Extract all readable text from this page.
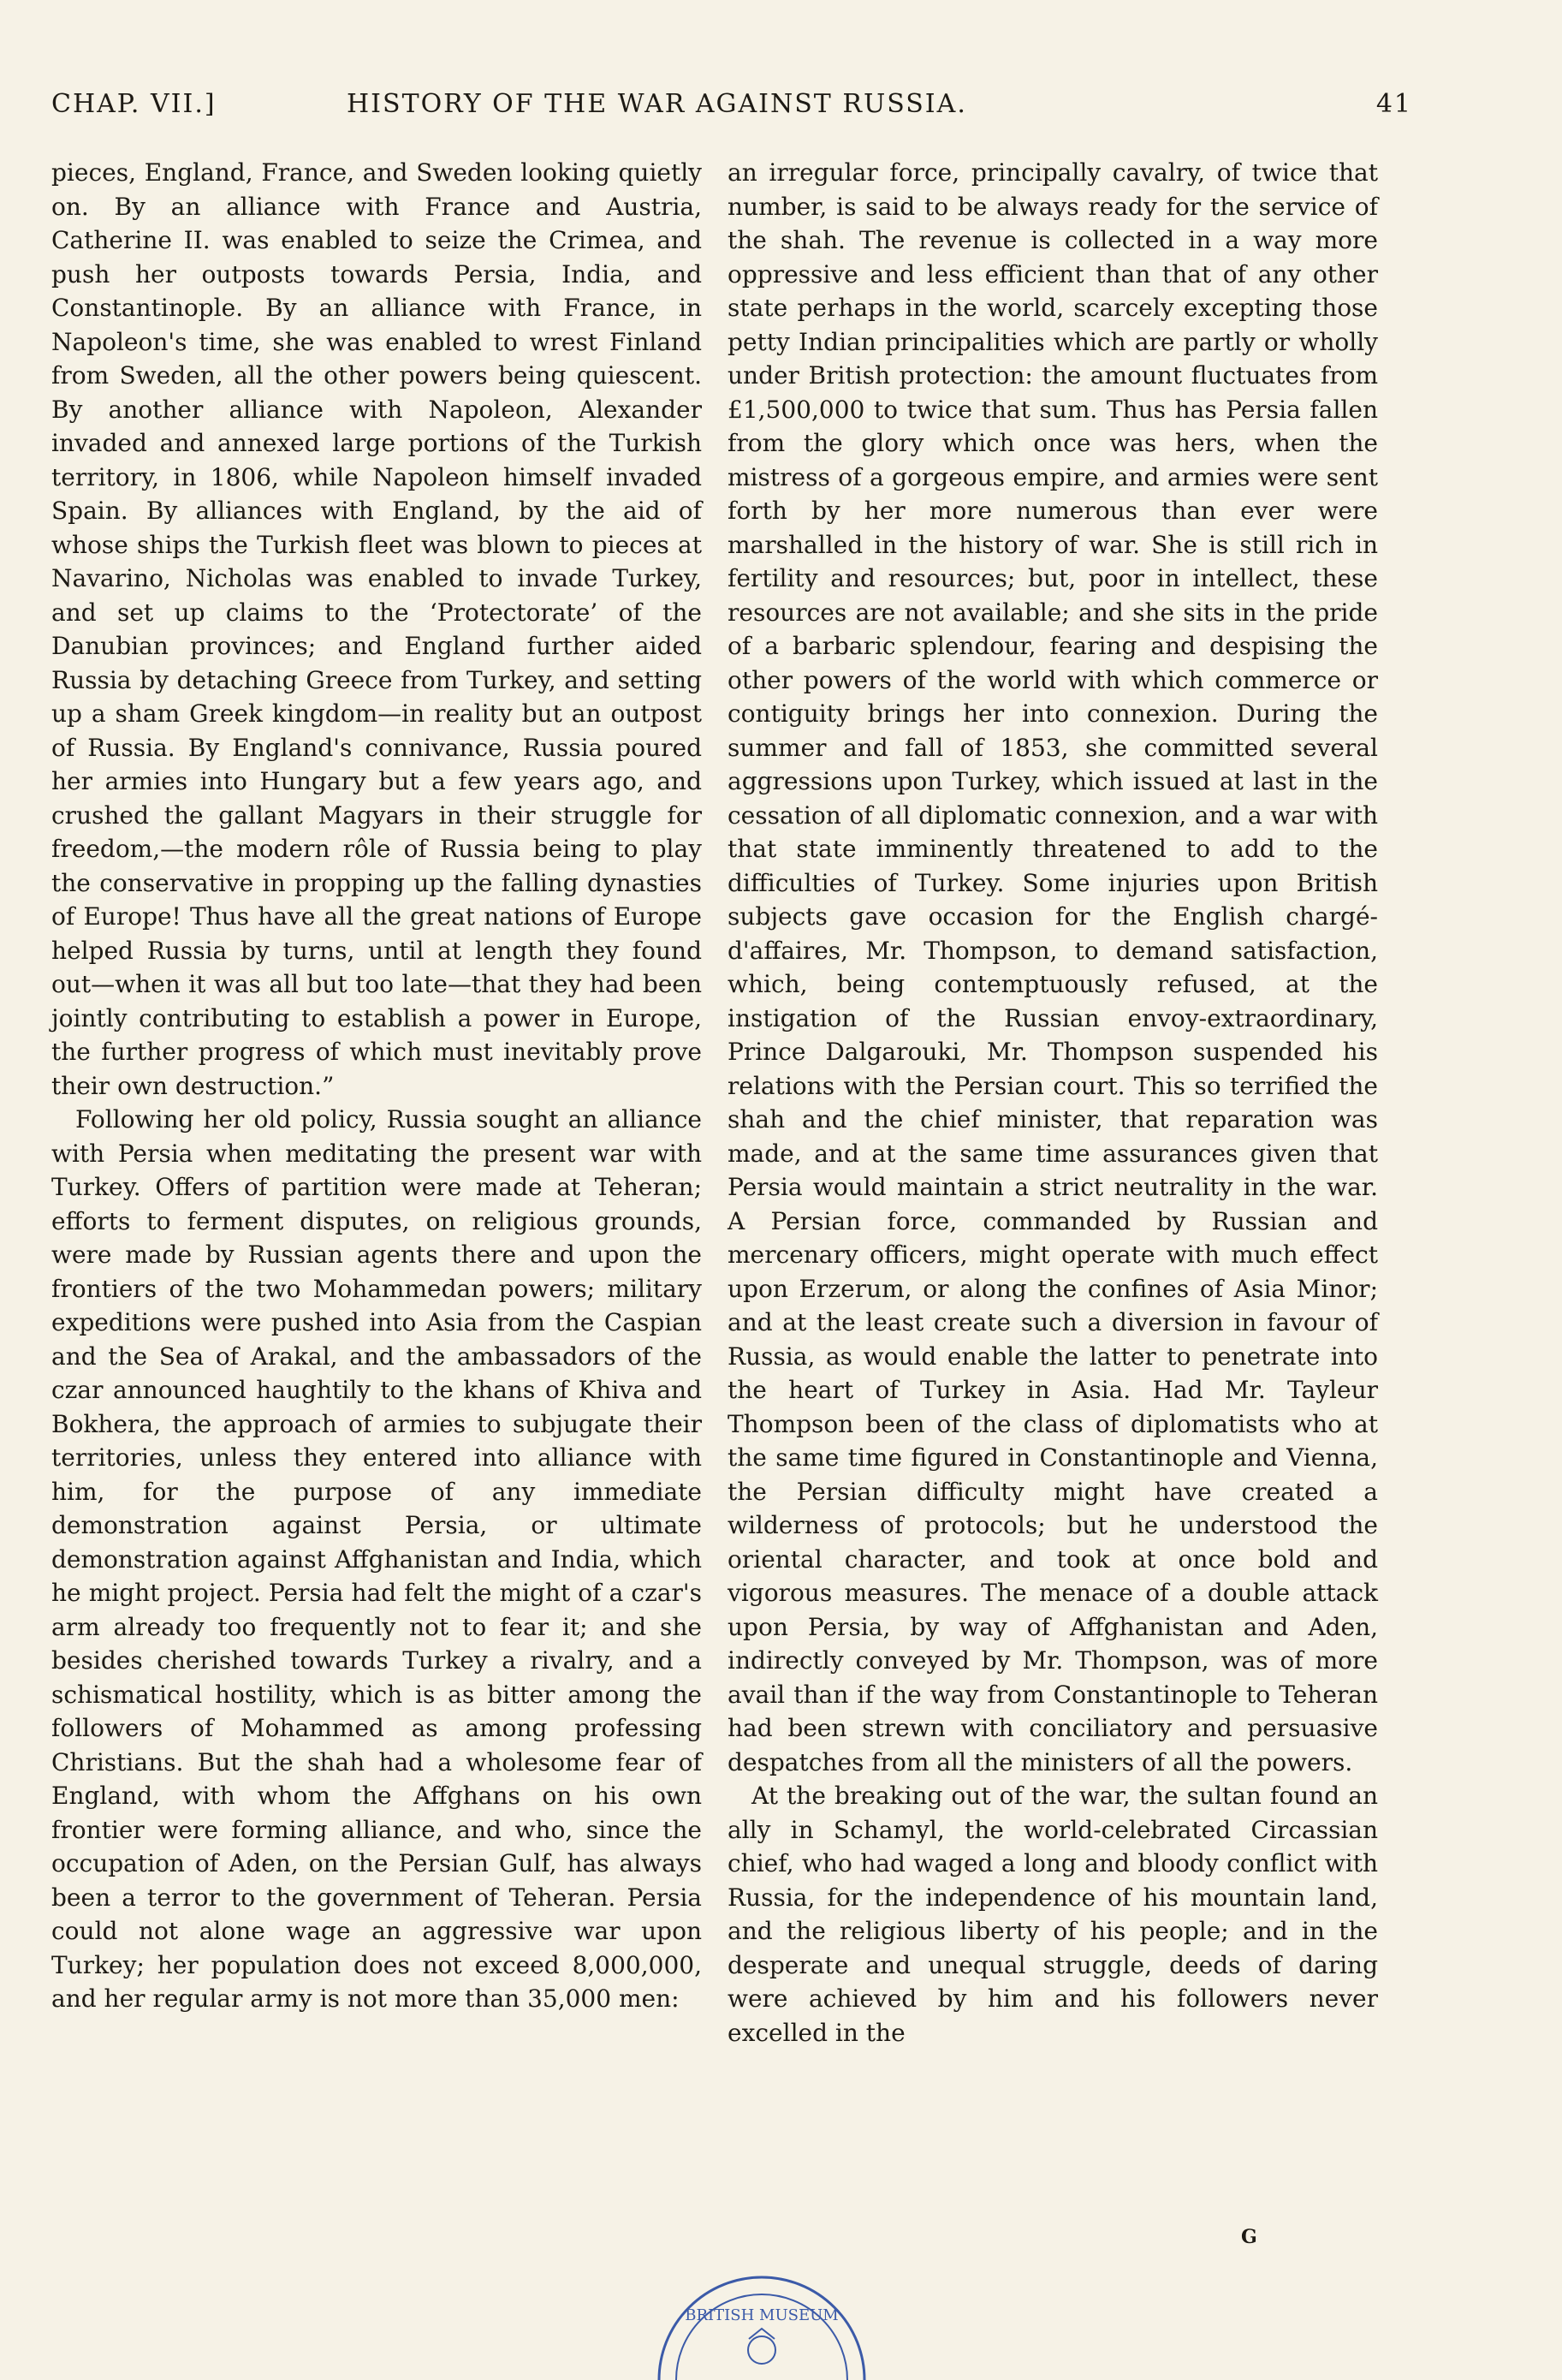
CHAP. VII.]	HISTORY OF THE WAR AGAINST RUSSIA.	41

pieces, England, France, and Sweden looking quietly on. By an alliance with France and Austria, Catherine II. was enabled to seize the Crimea, and push her outposts towards Persia, India, and Constantinople. By an alliance with France, in Napoleon's time, she was enabled to wrest Finland from Sweden, all the other powers being quiescent. By another alliance with Napoleon, Alexander invaded and annexed large portions of the Turkish territory, in 1806, while Napoleon himself invaded Spain. By alliances with England, by the aid of whose ships the Turkish fleet was blown to pieces at Navarino, Nicholas was enabled to invade Turkey, and set up claims to the ‘Protectorate’ of the Danubian provinces; and England further aided Russia by detaching Greece from Turkey, and setting up a sham Greek kingdom—in reality but an outpost of Russia. By England's connivance, Russia poured her armies into Hungary but a few years ago, and crushed the gallant Magyars in their struggle for freedom,—the modern rôle of Russia being to play the conservative in propping up the falling dynasties of Europe! Thus have all the great nations of Europe helped Russia by turns, until at length they found out—when it was all but too late—that they had been jointly contributing to establish a power in Europe, the further progress of which must inevitably prove their own destruction.”

Following her old policy, Russia sought an alliance with Persia when meditating the present war with Turkey. Offers of partition were made at Teheran; efforts to ferment disputes, on religious grounds, were made by Russian agents there and upon the frontiers of the two Mohammedan powers; military expeditions were pushed into Asia from the Caspian and the Sea of Arakal, and the ambassadors of the czar announced haughtily to the khans of Khiva and Bokhera, the approach of armies to subjugate their territories, unless they entered into alliance with him, for the purpose of any immediate demonstration against Persia, or ultimate demonstration against Affghanistan and India, which he might project. Persia had felt the might of a czar's arm already too frequently not to fear it; and she besides cherished towards Turkey a rivalry, and a schismatical hostility, which is as bitter among the followers of Mohammed as among professing Christians. But the shah had a wholesome fear of England, with whom the Affghans on his own frontier were forming alliance, and who, since the occupation of Aden, on the Persian Gulf, has always been a terror to the government of Teheran. Persia could not alone wage an aggressive war upon Turkey; her population does not exceed 8,000,000, and her regular army is not more than 35,000 men:

an irregular force, principally cavalry, of twice that number, is said to be always ready for the service of the shah. The revenue is collected in a way more oppressive and less efficient than that of any other state perhaps in the world, scarcely excepting those petty Indian principalities which are partly or wholly under British protection: the amount fluctuates from £1,500,000 to twice that sum. Thus has Persia fallen from the glory which once was hers, when the mistress of a gorgeous empire, and armies were sent forth by her more numerous than ever were marshalled in the history of war. She is still rich in fertility and resources; but, poor in intellect, these resources are not available; and she sits in the pride of a barbaric splendour, fearing and despising the other powers of the world with which commerce or contiguity brings her into connexion. During the summer and fall of 1853, she committed several aggressions upon Turkey, which issued at last in the cessation of all diplomatic connexion, and a war with that state imminently threatened to add to the difficulties of Turkey. Some injuries upon British subjects gave occasion for the English chargé-d'affaires, Mr. Thompson, to demand satisfaction, which, being contemptuously refused, at the instigation of the Russian envoy-extraordinary, Prince Dalgarouki, Mr. Thompson suspended his relations with the Persian court. This so terrified the shah and the chief minister, that reparation was made, and at the same time assurances given that Persia would maintain a strict neutrality in the war. A Persian force, commanded by Russian and mercenary officers, might operate with much effect upon Erzerum, or along the confines of Asia Minor; and at the least create such a diversion in favour of Russia, as would enable the latter to penetrate into the heart of Turkey in Asia. Had Mr. Tayleur Thompson been of the class of diplomatists who at the same time figured in Constantinople and Vienna, the Persian difficulty might have created a wilderness of protocols; but he understood the oriental character, and took at once bold and vigorous measures. The menace of a double attack upon Persia, by way of Affghanistan and Aden, indirectly conveyed by Mr. Thompson, was of more avail than if the way from Constantinople to Teheran had been strewn with conciliatory and persuasive despatches from all the ministers of all the powers.

At the breaking out of the war, the sultan found an ally in Schamyl, the world-celebrated Circassian chief, who had waged a long and bloody conflict with Russia, for the independence of his mountain land, and the religious liberty of his people; and in the desperate and unequal struggle, deeds of daring were achieved by him and his followers never excelled in the

G
BRITISH MUSEUM
